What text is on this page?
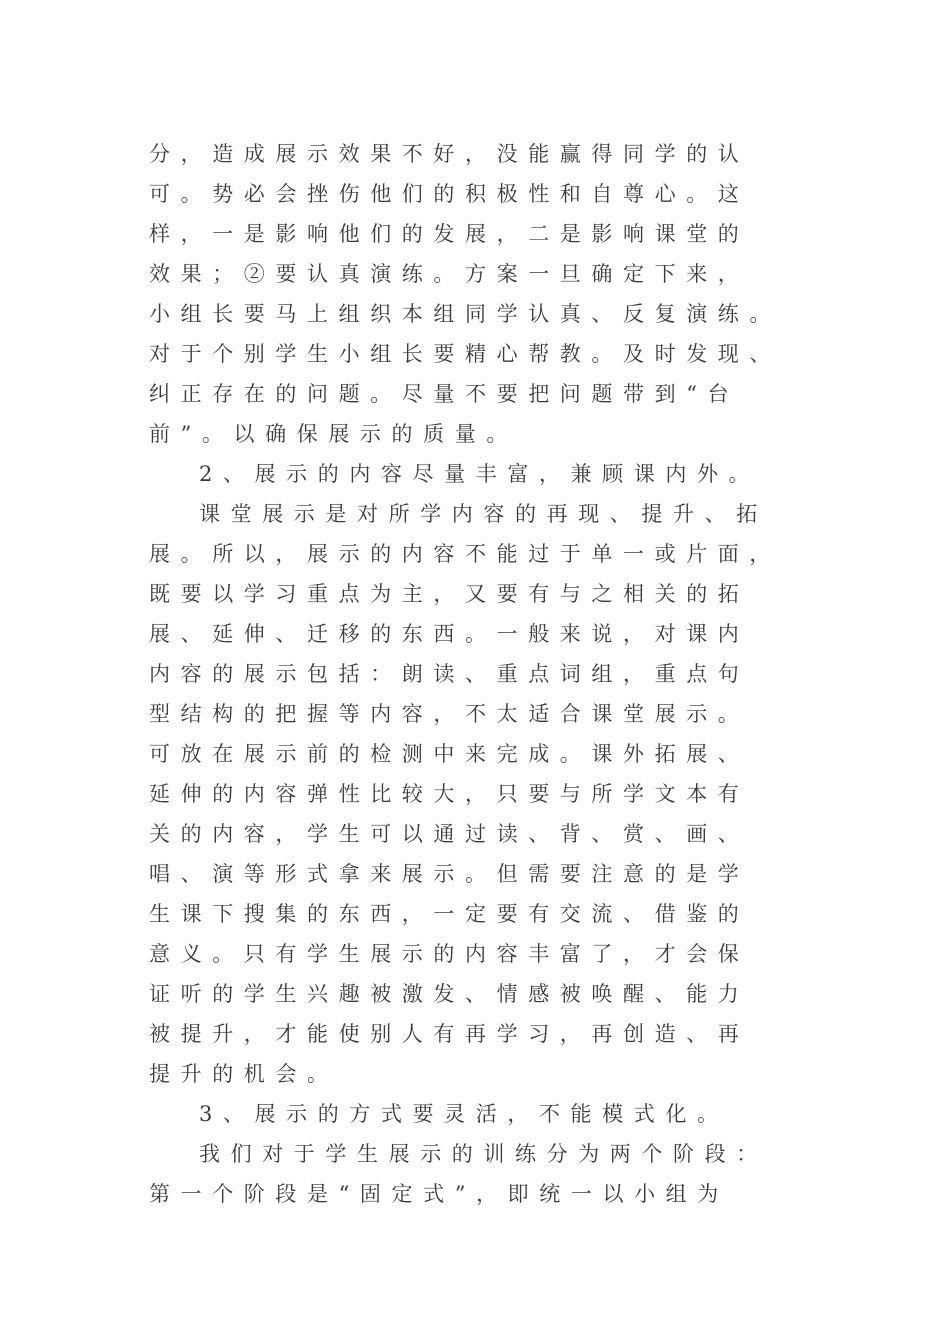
分，造成展示效果不好，没能赢得同学的认
可。势必会挫伤他们的积极性和自尊心。这
样，一是影响他们的发展，二是影响课堂的
效果；②要认真演练。方案一旦确定下来，
小组长要马上组织本组同学认真、反复演练。
对于个别学生小组长要精心帮教。及时发现、
纠正存在的问题。尽量不要把问题带到“台
前”。以确保展示的质量。
2、展示的内容尽量丰富，兼顾课内外。
课堂展示是对所学内容的再现、提升、拓
展。所以，展示的内容不能过于单一或片面，
既要以学习重点为主，又要有与之相关的拓
展、延伸、迁移的东西。一般来说，对课内
内容的展示包括：朗读、重点词组，重点句
型结构的把握等内容，不太适合课堂展示。
可放在展示前的检测中来完成。课外拓展、
延伸的内容弹性比较大，只要与所学文本有
关的内容，学生可以通过读、背、赏、画、
唱、演等形式拿来展示。但需要注意的是学
生课下搜集的东西，一定要有交流、借鉴的
意义。只有学生展示的内容丰富了，才会保
证听的学生兴趣被激发、情感被唤醒、能力
被提升，才能使别人有再学习，再创造、再
提升的机会。
3、展示的方式要灵活，不能模式化。
我们对于学生展示的训练分为两个阶段：
第一个阶段是“固定式”，即统一以小组为
